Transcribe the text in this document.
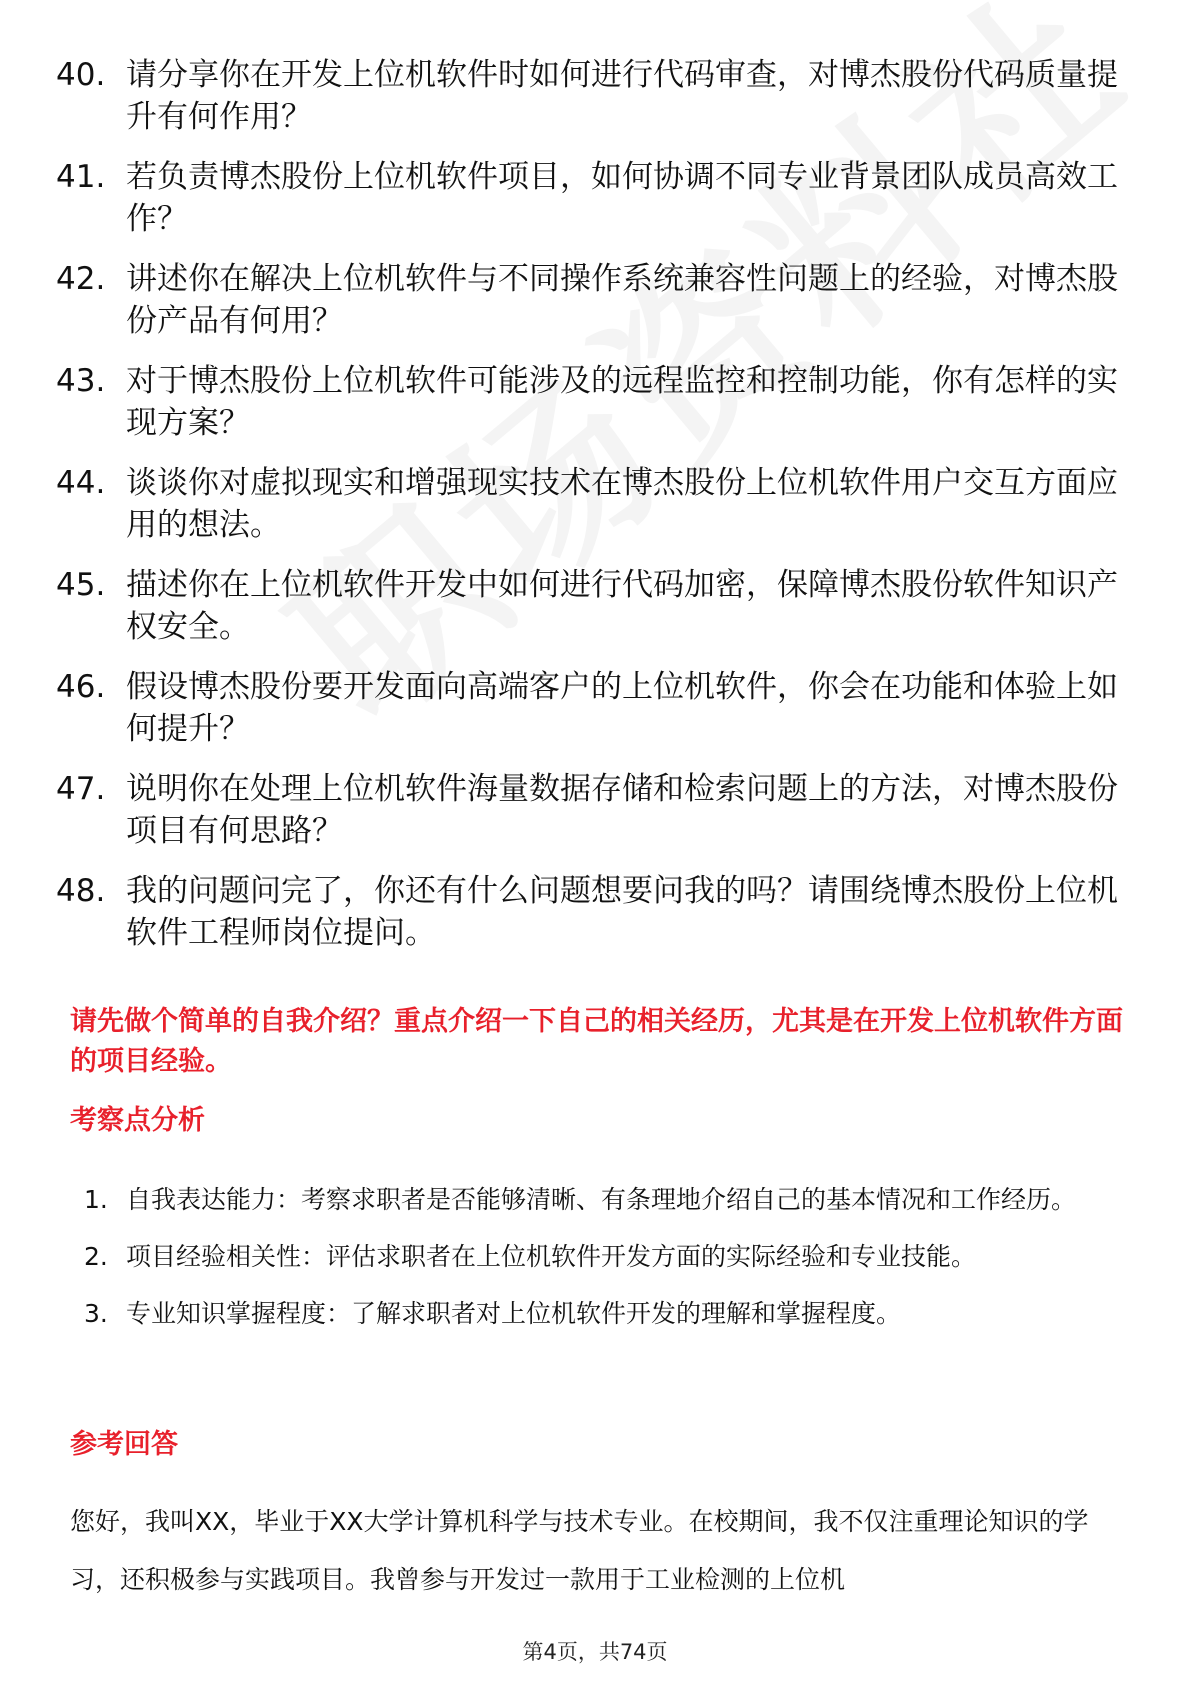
40. 请分享你在开发上位机软件时如何进行代码审查，对博杰股份代码质量提升有何作用？
41. 若负责博杰股份上位机软件项目，如何协调不同专业背景团队成员高效工作？
42. 讲述你在解决上位机软件与不同操作系统兼容性问题上的经验，对博杰股份产品有何用？
43. 对于博杰股份上位机软件可能涉及的远程监控和控制功能，你有怎样的实现方案？
44. 谈谈你对虚拟现实和增强现实技术在博杰股份上位机软件用户交互方面应用的想法。
45. 描述你在上位机软件开发中如何进行代码加密，保障博杰股份软件知识产权安全。
46. 假设博杰股份要开发面向高端客户的上位机软件，你会在功能和体验上如何提升？
47. 说明你在处理上位机软件海量数据存储和检索问题上的方法，对博杰股份项目有何思路？
48. 我的问题问完了，你还有什么问题想要问我的吗？请围绕博杰股份上位机软件工程师岗位提问。
请先做个简单的自我介绍？重点介绍一下自己的相关经历，尤其是在开发上位机软件方面的项目经验。
考察点分析
1. 自我表达能力：考察求职者是否能够清晰、有条理地介绍自己的基本情况和工作经历。
2. 项目经验相关性：评估求职者在上位机软件开发方面的实际经验和专业技能。
3. 专业知识掌握程度：了解求职者对上位机软件开发的理解和掌握程度。
参考回答
您好，我叫XX，毕业于XX大学计算机科学与技术专业。在校期间，我不仅注重理论知识的学习，还积极参与实践项目。我曾参与开发过一款用于工业检测的上位机
第4页，共74页
